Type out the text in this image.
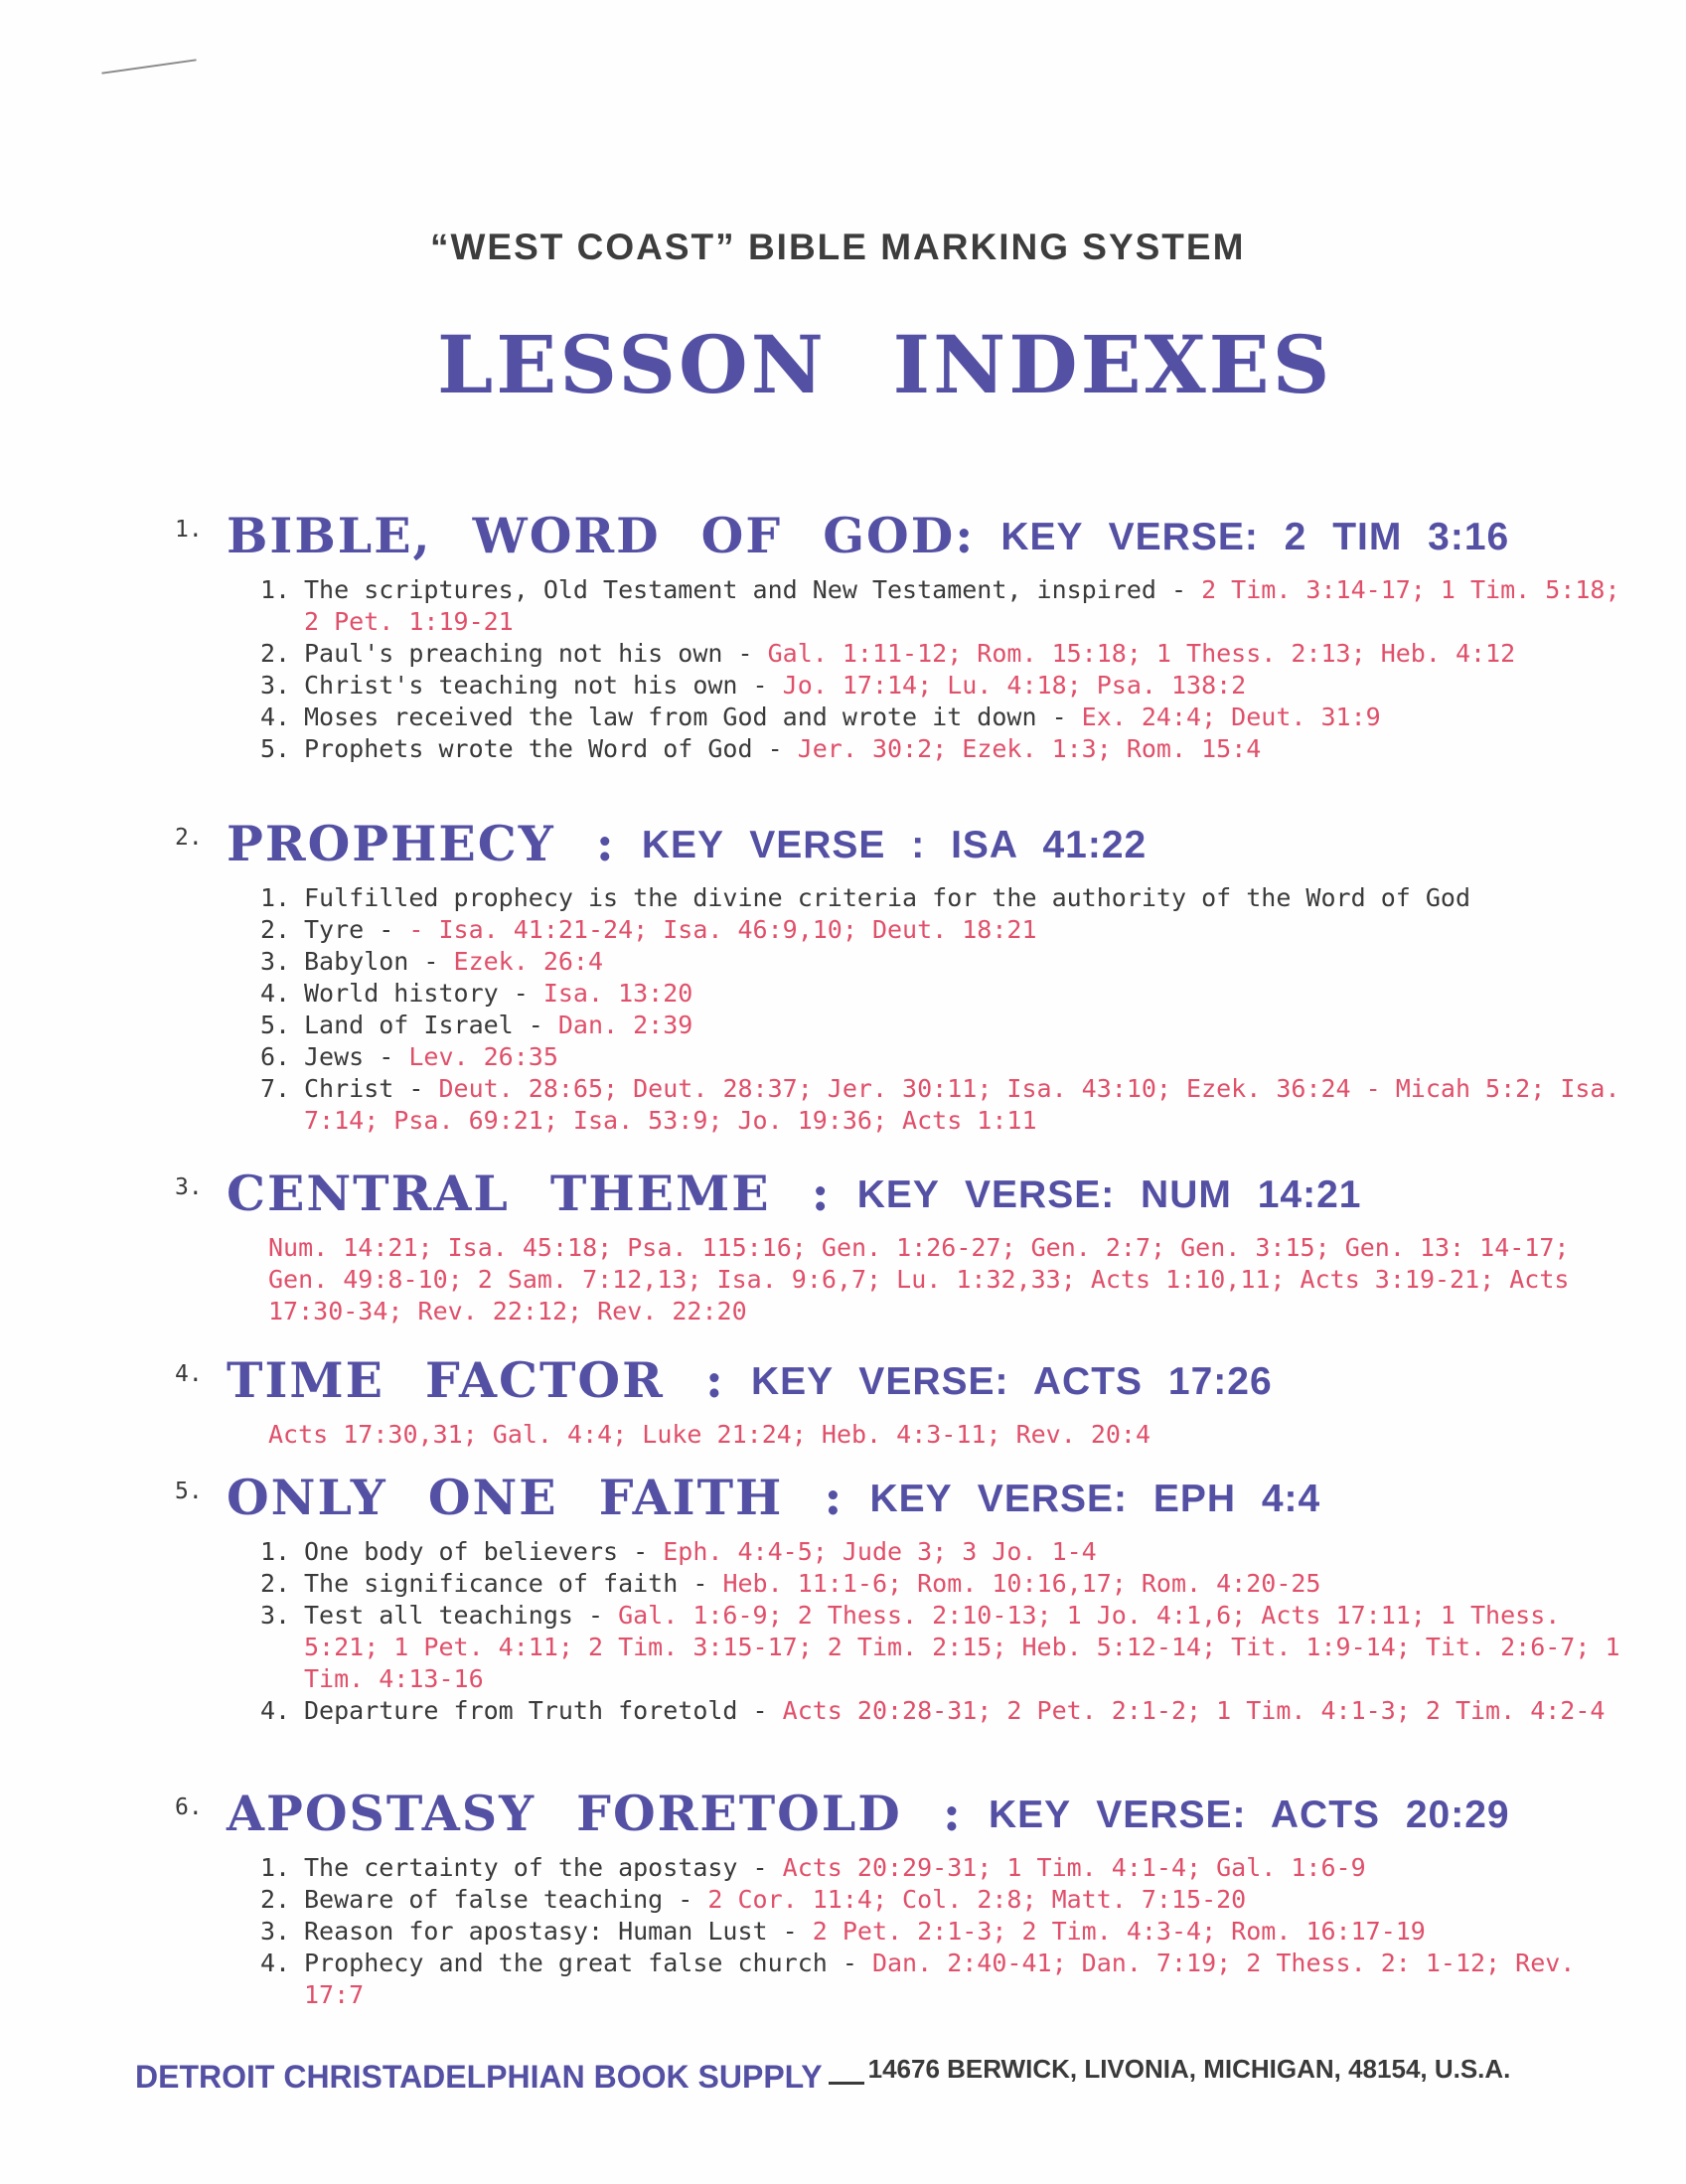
“WEST COAST” BIBLE MARKING SYSTEM
LESSON INDEXES
1. BIBLE, WORD OF GOD: KEY VERSE: 2 TIM 3:16
1. The scriptures, Old Testament and New Testament, inspired - 2 Tim. 3:14-17; 1 Tim. 5:18; 2 Pet. 1:19-21
2. Paul's preaching not his own - Gal. 1:11-12; Rom. 15:18; 1 Thess. 2:13; Heb. 4:12
3. Christ's teaching not his own - Jo. 17:14; Lu. 4:18; Psa. 138:2
4. Moses received the law from God and wrote it down - Ex. 24:4; Deut. 31:9
5. Prophets wrote the Word of God - Jer. 30:2; Ezek. 1:3; Rom. 15:4
2. PROPHECY : KEY VERSE : ISA 41:22
1. Fulfilled prophecy is the divine criteria for the authority of the Word of God
2. Tyre - - Isa. 41:21-24; Isa. 46:9,10; Deut. 18:21
3. Babylon - Ezek. 26:4
4. World history - Isa. 13:20
5. Land of Israel - Dan. 2:39
6. Jews - Lev. 26:35
7. Christ - Deut. 28:65; Deut. 28:37; Jer. 30:11; Isa. 43:10; Ezek. 36:24 - Micah 5:2; Isa. 7:14; Psa. 69:21; Isa. 53:9; Jo. 19:36; Acts 1:11
3. CENTRAL THEME : KEY VERSE: NUM 14:21
Num. 14:21; Isa. 45:18; Psa. 115:16; Gen. 1:26-27; Gen. 2:7; Gen. 3:15; Gen. 13: 14-17; Gen. 49:8-10; 2 Sam. 7:12,13; Isa. 9:6,7; Lu. 1:32,33; Acts 1:10,11; Acts 3:19-21; Acts 17:30-34; Rev. 22:12; Rev. 22:20
4. TIME FACTOR : KEY VERSE: ACTS 17:26
Acts 17:30,31; Gal. 4:4; Luke 21:24; Heb. 4:3-11; Rev. 20:4
5. ONLY ONE FAITH : KEY VERSE: EPH 4:4
1. One body of believers - Eph. 4:4-5; Jude 3; 3 Jo. 1-4
2. The significance of faith - Heb. 11:1-6; Rom. 10:16,17; Rom. 4:20-25
3. Test all teachings - Gal. 1:6-9; 2 Thess. 2:10-13; 1 Jo. 4:1,6; Acts 17:11; 1 Thess. 5:21; 1 Pet. 4:11; 2 Tim. 3:15-17; 2 Tim. 2:15; Heb. 5:12-14; Tit. 1:9-14; Tit. 2:6-7; 1 Tim. 4:13-16
4. Departure from Truth foretold - Acts 20:28-31; 2 Pet. 2:1-2; 1 Tim. 4:1-3; 2 Tim. 4:2-4
6. APOSTASY FORETOLD : KEY VERSE: ACTS 20:29
1. The certainty of the apostasy - Acts 20:29-31; 1 Tim. 4:1-4; Gal. 1:6-9
2. Beware of false teaching - 2 Cor. 11:4; Col. 2:8; Matt. 7:15-20
3. Reason for apostasy: Human Lust - 2 Pet. 2:1-3; 2 Tim. 4:3-4; Rom. 16:17-19
4. Prophecy and the great false church - Dan. 2:40-41; Dan. 7:19; 2 Thess. 2: 1-12; Rev. 17:7
DETROIT CHRISTADELPHIAN BOOK SUPPLY 14676 BERWICK, LIVONIA, MICHIGAN, 48154, U.S.A.
